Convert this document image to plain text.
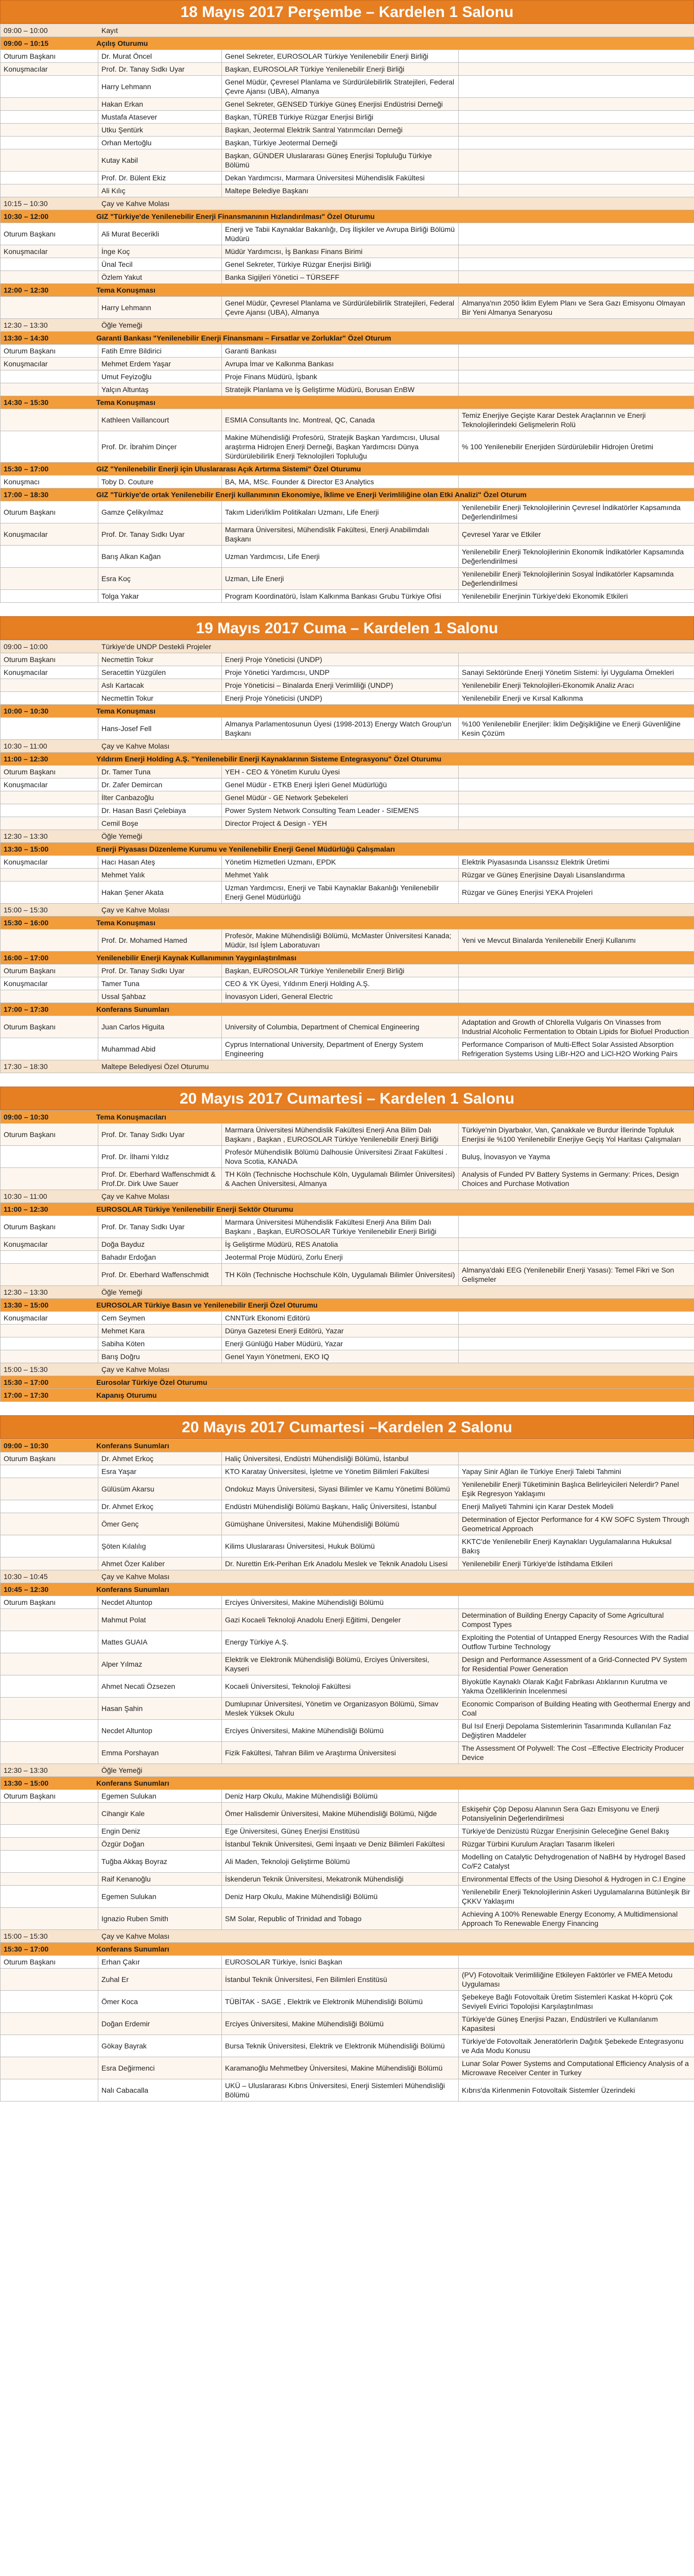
18 Mayıs 2017 Perşembe – Kardelen 1 Salonu
09:00 – 10:00 Kayıt			
09:00 – 10:15 Açılış Oturumu			
Oturum Başkanı	Dr. Murat Öncel	Genel Sekreter, EUROSOLAR Türkiye Yenilenebilir Enerji Birliği	
Konuşmacılar	Prof. Dr. Tanay Sıdkı Uyar	Başkan, EUROSOLAR Türkiye Yenilenebilir Enerji Birliği	
	Harry Lehmann	Genel Müdür, Çevresel Planlama ve Sürdürülebilirlik Stratejileri, Federal Çevre Ajansı (UBA), Almanya	
	Hakan Erkan	Genel Sekreter, GENSED Türkiye Güneş Enerjisi Endüstrisi Derneği	
	Mustafa Atasever	Başkan, TÜREB Türkiye Rüzgar Enerjisi Birliği	
	Utku Şentürk	Başkan, Jeotermal Elektrik Santral Yatırımcıları Derneği	
	Orhan Mertoğlu	Başkan, Türkiye Jeotermal Derneği	
	Kutay Kabil	Başkan, GÜNDER Uluslararası Güneş Enerjisi Topluluğu Türkiye Bölümü	
	Prof. Dr. Bülent Ekiz	Dekan Yardımcısı, Marmara Üniversitesi Mühendislik Fakültesi	
	Ali Kılıç	Maltepe Belediye Başkanı	
10:15 – 10:30 Çay ve Kahve Molası			
10:30 – 12:00 GIZ "Türkiye'de Yenilenebilir Enerji Finansmanının Hızlandırılması" Özel Oturumu			
Oturum Başkanı	Ali Murat Becerikli	Enerji ve Tabii Kaynaklar Bakanlığı, Dış İlişkiler ve Avrupa Birliği Bölümü Müdürü	
Konuşmacılar	İnge Koç	Müdür Yardımcısı, İş Bankası Finans Birimi	
	Ünal Tecil	Genel Sekreter, Türkiye Rüzgar Enerjisi Birliği	
	Özlem Yakut	Banka Sigijleri Yönetici – TÜRSEFF	
12:00 – 12:30 Tema Konuşması			
	Harry Lehmann	Genel Müdür, Çevresel Planlama ve Sürdürülebilirlik Stratejileri, Federal Çevre Ajansı (UBA), Almanya	Almanya'nın 2050 İklim Eylem Planı ve Sera Gazı Emisyonu Olmayan Bir Yeni Almanya Senaryosu
12:30 – 13:30 Öğle Yemeği			
13:30 – 14:30 Garanti Bankası "Yenilenebilir Enerji Finansmanı – Fırsatlar ve Zorluklar" Özel Oturum			
Oturum Başkanı	Fatih Emre Bildirici	Garanti Bankası	
Konuşmacılar	Mehmet Erdem Yaşar	Avrupa İmar ve Kalkınma Bankası	
	Umut Feyizoğlu	Proje Finans Müdürü, İşbank	
	Yalçın Altuntaş	Stratejik Planlama ve İş Geliştirme Müdürü, Borusan EnBW	
14:30 – 15:30 Tema Konuşması			
	Kathleen Vaillancourt	ESMIA Consultants Inc. Montreal, QC, Canada	Temiz Enerjiye Geçişte Karar Destek Araçlarının ve Enerji Teknolojilerindeki Gelişmelerin Rolü
	Prof. Dr. İbrahim Dinçer	Makine Mühendisliği Profesörü, Stratejik Başkan Yardımcısı, Ulusal araştırma Hidrojen Enerji Derneği, Başkan Yardımcısı Dünya Sürdürülebilirlik Enerji Teknolojileri Topluluğu	% 100 Yenilenebilir Enerjiden Sürdürülebilir Hidrojen Üretimi
15:30 – 17:00 GIZ "Yenilenebilir Enerji için Uluslararası Açık Artırma Sistemi" Özel Oturumu			
Konuşmacı	Toby D. Couture	BA, MA, MSc. Founder & Director E3 Analytics	
17:00 – 18:30 GIZ "Türkiye'de ortak Yenilenebilir Enerji kullanımının Ekonomiye, İklime ve Enerji Verimliliğine olan Etki Analizi" Özel Oturum			
Oturum Başkanı	Gamze Çelikyılmaz	Takım Lideri/İklim Politikaları Uzmanı, Life Enerji	Yenilenebilir Enerji Teknolojilerinin Çevresel İndikatörler Kapsamında Değerlendirilmesi
Konuşmacılar	Prof. Dr. Tanay Sıdkı Uyar	Marmara Üniversitesi, Mühendislik Fakültesi, Enerji Anabilimdalı Başkanı	Çevresel Yarar ve Etkiler
	Barış Alkan Kağan	Uzman Yardımcısı, Life Enerji	Yenilenebilir Enerji Teknolojilerinin Ekonomik İndikatörler Kapsamında Değerlendirilmesi
	Esra Koç	Uzman, Life Enerji	Yenilenebilir Enerji Teknolojilerinin Sosyal İndikatörler Kapsamında Değerlendirilmesi
	Tolga Yakar	Program Koordinatörü, İslam Kalkınma Bankası Grubu Türkiye Ofisi	Yenilenebilir Enerjinin Türkiye'deki Ekonomik Etkileri
19 Mayıs 2017 Cuma – Kardelen 1 Salonu
09:00 – 10:00 Türkiye'de UNDP Destekli Projeler			
Oturum Başkanı	Necmettin Tokur	Enerji Proje Yöneticisi (UNDP)	
Konuşmacılar	Seracettin Yüzgülen	Proje Yönetici Yardımcısı, UNDP	Sanayi Sektöründe Enerji Yönetim Sistemi: İyi Uygulama Örnekleri
	Aslı Kartacak	Proje Yöneticisi – Binalarda Enerji Verimliliği (UNDP)	Yenilenebilir Enerji Teknolojileri-Ekonomik Analiz Aracı
	Necmettin Tokur	Enerji Proje Yöneticisi (UNDP)	Yenilenebilir Enerji ve Kırsal Kalkınma
10:00 – 10:30 Tema Konuşması			
	Hans-Josef Fell	Almanya Parlamentosunun Üyesi (1998-2013) Energy Watch Group'un Başkanı	%100 Yenilenebilir Enerjiler: İklim Değişikliğine ve Enerji Güvenliğine Kesin Çözüm
10:30 – 11:00 Çay ve Kahve Molası			
11:00 – 12:30 Yıldırım Enerji Holding A.Ş. "Yenilenebilir Enerji Kaynaklarının Sisteme Entegrasyonu" Özel Oturumu			
Oturum Başkanı	Dr. Tamer Tuna	YEH - CEO & Yönetim Kurulu Üyesi	
Konuşmacılar	Dr. Zafer Demircan	Genel Müdür - ETKB Enerji İşleri Genel Müdürlüğü	
	İlter Canbazoğlu	Genel Müdür - GE Network Şebekeleri	
	Dr. Hasan Basri Çelebiaya	Power System Network Consulting Team Leader - SIEMENS	
	Cemil Boşe	Director Project & Design - YEH	
12:30 – 13:30 Öğle Yemeği			
13:30 – 15:00 Enerji Piyasası Düzenleme Kurumu ve Yenilenebilir Enerji Genel Müdürlüğü Çalışmaları			
Konuşmacılar	Hacı Hasan Ateş	Yönetim Hizmetleri Uzmanı, EPDK	Elektrik Piyasasında Lisanssız Elektrik Üretimi
	Mehmet Yalık	Mehmet Yalık	Rüzgar ve Güneş Enerjisine Dayalı Lisanslandırma
	Hakan Şener Akata	Uzman Yardımcısı, Enerji ve Tabii Kaynaklar Bakanlığı Yenilenebilir Enerji Genel Müdürlüğü	Rüzgar ve Güneş Enerjisi YEKA Projeleri
15:00 – 15:30 Çay ve Kahve Molası			
15:30 – 16:00 Tema Konuşması			
	Prof. Dr. Mohamed Hamed	Profesör, Makine Mühendisliği Bölümü, McMaster Üniversitesi Kanada; Müdür, Isıl İşlem Laboratuvarı	Yeni ve Mevcut Binalarda Yenilenebilir Enerji Kullanımı
16:00 – 17:00 Yenilenebilir Enerji Kaynak Kullanımının Yaygınlaştırılması			
Oturum Başkanı	Prof. Dr. Tanay Sıdkı Uyar	Başkan, EUROSOLAR Türkiye Yenilenebilir Enerji Birliği	
Konuşmacılar	Tamer Tuna	CEO & YK Üyesi, Yıldırım Enerji Holding A.Ş.	
	Ussal Şahbaz	İnovasyon Lideri, General Electric	
17:00 – 17:30 Konferans Sunumları			
Oturum Başkanı	Juan Carlos Higuita	University of Columbia, Department of Chemical Engineering	Adaptation and Growth of Chlorella Vulgaris On Vinasses from Industrial Alcoholic Fermentation to Obtain Lipids for Biofuel Production
	Muhammad Abid	Cyprus International University, Department of Energy System Engineering	Performance Comparison of Multi-Effect Solar Assisted Absorption Refrigeration Systems Using LiBr-H2O and LiCl-H2O Working Pairs
17:30 – 18:30 Maltepe Belediyesi Özel Oturumu			
20 Mayıs 2017 Cumartesi – Kardelen 1 Salonu
09:00 – 10:30 Tema Konuşmacıları			
Oturum Başkanı	Prof. Dr. Tanay Sıdkı Uyar	Marmara Üniversitesi Mühendislik Fakültesi Enerji Ana Bilim Dalı Başkanı , Başkan , EUROSOLAR Türkiye Yenilenebilir Enerji Birliği	Türkiye'nin Diyarbakır, Van, Çanakkale ve Burdur İllerinde Topluluk Enerjisi ile %100 Yenilenebilir Enerjiye Geçiş Yol Haritası Çalışmaları
	Prof. Dr. İlhami Yıldız	Profesör Mühendislik Bölümü Dalhousie Üniversitesi Ziraat Fakültesi . Nova Scotia, KANADA	Buluş, İnovasyon ve Yayma
	Prof. Dr. Eberhard Waffenschmidt & Prof.Dr. Dirk Uwe Sauer	TH Köln (Technische Hochschule Köln, Uygulamalı Bilimler Üniversitesi) & Aachen Üniversitesi, Almanya	Analysis of Funded PV Battery Systems in Germany: Prices, Design Choices and Purchase Motivation
10:30 – 11:00 Çay ve Kahve Molası			
11:00 – 12:30 EUROSOLAR Türkiye Yenilenebilir Enerji Sektör Oturumu			
Oturum Başkanı	Prof. Dr. Tanay Sıdkı Uyar	Marmara Üniversitesi Mühendislik Fakültesi Enerji Ana Bilim Dalı Başkanı , Başkan, EUROSOLAR Türkiye Yenilenebilir Enerji Birliği	
Konuşmacılar	Doğa Bayduz	İş Geliştirme Müdürü, RES Anatolia	
	Bahadır Erdoğan	Jeotermal Proje Müdürü, Zorlu Enerji	
	Prof. Dr. Eberhard Waffenschmidt	TH Köln (Technische Hochschule Köln, Uygulamalı Bilimler Üniversitesi)	Almanya'daki EEG (Yenilenebilir Enerji Yasası): Temel Fikri ve Son Gelişmeler
12:30 – 13:30 Öğle Yemeği			
13:30 – 15:00 EUROSOLAR Türkiye Basın ve Yenilenebilir Enerji Özel Oturumu			
Konuşmacılar	Cem Seymen	CNNTürk Ekonomi Editörü	
	Mehmet Kara	Dünya Gazetesi Enerji Editörü, Yazar	
	Sabiha Köten	Enerji Günlüğü Haber Müdürü, Yazar	
	Barış Doğru	Genel Yayın Yönetmeni, EKO IQ	
15:00 – 15:30 Çay ve Kahve Molası			
15:30 – 17:00 Eurosolar Türkiye Özel Oturumu			
17:00 – 17:30 Kapanış Oturumu			
20 Mayıs 2017 Cumartesi –Kardelen 2 Salonu
09:00 – 10:30 Konferans Sunumları			
Oturum Başkanı	Dr. Ahmet Erkoç	Haliç Üniversitesi, Endüstri Mühendisliği Bölümü, İstanbul	
	Esra Yaşar	KTO Karatay Üniversitesi, İşletme ve Yönetim Bilimleri Fakültesi	Yapay Sinir Ağları ile Türkiye Enerji Talebi Tahmini
	Gülüsüm Akarsu	Ondokuz Mayıs Üniversitesi, Siyasi Bilimler ve Kamu Yönetimi Bölümü	Yenilenebilir Enerji Tüketiminin Başlıca Belirleyicileri Nelerdir? Panel Eşik Regresyon Yaklaşımı
	Dr. Ahmet Erkoç	Endüstri Mühendisliği Bölümü Başkanı, Haliç Üniversitesi, İstanbul	Enerji Maliyeti Tahmini için Karar Destek Modeli
	Ömer Genç	Gümüşhane Üniversitesi, Makine Mühendisliği Bölümü	Determination of Ejector Performance for 4 KW SOFC System Through Geometrical Approach
	Şöten Kılalılıg	Kilims Uluslararası Üniversitesi, Hukuk Bölümü	KKTC'de Yenilenebilir Enerji Kaynakları Uygulamalarına Hukuksal Bakış
	Ahmet Özer Kalıber	Dr. Nurettin Erk-Perihan Erk Anadolu Meslek ve Teknik Anadolu Lisesi	Yenilenebilir Enerji Türkiye'de İstihdama Etkileri
10:30 – 10:45 Çay ve Kahve Molası			
10:45 – 12:30 Konferans Sunumları			
Oturum Başkanı	Necdet Altuntop	Erciyes Üniversitesi, Makine Mühendisliği Bölümü	
	Mahmut Polat	Gazi Kocaeli Teknoloji Anadolu Enerji Eğitimi, Dengeler	Determination of Building Energy Capacity of Some Agricultural Compost Types
	Mattes GUAIA	Energy Türkiye A.Ş.	Exploiting the Potential of Untapped Energy Resources With the Radial Outflow Turbine Technology
	Alper Yılmaz	Elektrik ve Elektronik Mühendisliği Bölümü, Erciyes Üniversitesi, Kayseri	Design and Performance Assessment of a Grid-Connected PV System for Residential Power Generation
	Ahmet Necati Özsezen	Kocaeli Üniversitesi, Teknoloji Fakültesi	Biyokütle Kaynaklı Olarak Kağıt Fabrikası Atıklarının Kurutma ve Yakma Özelliklerinin İncelenmesi
	Hasan Şahin	Dumlupınar Üniversitesi, Yönetim ve Organizasyon Bölümü, Simav Meslek Yüksek Okulu	Economic Comparison of Building Heating with Geothermal Energy and Coal
	Necdet Altuntop	Erciyes Üniversitesi, Makine Mühendisliği Bölümü	Bul Isıl Enerji Depolama Sistemlerinin Tasarımında Kullanılan Faz Değiştiren Maddeler
	Emma Porshayan	Fizik Fakültesi, Tahran Bilim ve Araştırma Üniversitesi	The Assessment Of Polywell: The Cost –Effective Electricity Producer Device
12:30 – 13:30 Öğle Yemeği			
13:30 – 15:00 Konferans Sunumları			
Oturum Başkanı	Egemen Sulukan	Deniz Harp Okulu, Makine Mühendisliği Bölümü	
	Cihangir Kale	Ömer Halisdemir Üniversitesi, Makine Mühendisliği Bölümü, Niğde	Eskişehir Çöp Deposu Alanının Sera Gazı Emisyonu ve Enerji Potansiyelinin Değerlendirilmesi
	Engin Deniz	Ege Üniversitesi, Güneş Enerjisi Enstitüsü	Türkiye'de Denizüstü Rüzgar Enerjisinin Geleceğine Genel Bakış
	Özgür Doğan	İstanbul Teknik Üniversitesi, Gemi İnşaatı ve Deniz Bilimleri Fakültesi	Rüzgar Türbini Kurulum Araçları Tasarım İlkeleri
	Tuğba Akkaş Boyraz	Ali Maden, Teknoloji Geliştirme Bölümü	Modelling on Catalytic Dehydrogenation of NaBH4 by Hydrogel Based Co/F2 Catalyst
	Raif Kenanoğlu	İskenderun Teknik Üniversitesi, Mekatronik Mühendisliği	Environmental Effects of the Using Diesohol & Hydrogen in C.I Engine
	Egemen Sulukan	Deniz Harp Okulu, Makine Mühendisliği Bölümü	Yenilenebilir Enerji Teknolojilerinin Askeri Uygulamalarına Bütünleşik Bir ÇKKV Yaklaşımı
	Ignazio Ruben Smith	SM Solar, Republic of Trinidad and Tobago	Achieving A 100% Renewable Energy Economy, A Multidimensional Approach To Renewable Energy Financing
15:00 – 15:30 Çay ve Kahve Molası			
15:30 – 17:00 Konferans Sunumları			
Oturum Başkanı	Erhan Çakır	EUROSOLAR Türkiye, İsnici Başkan	
	Zuhal Er	İstanbul Teknik Üniversitesi, Fen Bilimleri Enstitüsü	(PV) Fotovoltaik Verimliliğine Etkileyen Faktörler ve FMEA Metodu Uygulaması
	Ömer Koca	TÜBİTAK - SAGE , Elektrik ve Elektronik Mühendisliği Bölümü	Şebekeye Bağlı Fotovoltaik Üretim Sistemleri Kaskat H-köprü Çok Seviyeli Evirici Topolojisi Karşılaştırılması
	Doğan Erdemir	Erciyes Üniversitesi, Makine Mühendisliği Bölümü	Türkiye'de Güneş Enerjisi Pazarı, Endüstrileri ve Kullanılanım Kapasitesi
	Gökay Bayrak	Bursa Teknik Üniversitesi, Elektrik ve Elektronik Mühendisliği Bölümü	Türkiye'de Fotovoltaik Jeneratörlerin Dağıtık Şebekede Entegrasyonu ve Ada Modu Konusu
	Esra Değirmenci	Karamanoğlu Mehmetbey Üniversitesi, Makine Mühendisliği Bölümü	Lunar Solar Power Systems and Computational Efficiency Analysis of a Microwave Receiver Center in Turkey
	Nalı Cabacalla	UKÜ – Uluslararası Kıbrıs Üniversitesi, Enerji Sistemleri Mühendisliği Bölümü	Kıbrıs'da Kirlenmenin Fotovoltaik Sistemler Üzerindeki
